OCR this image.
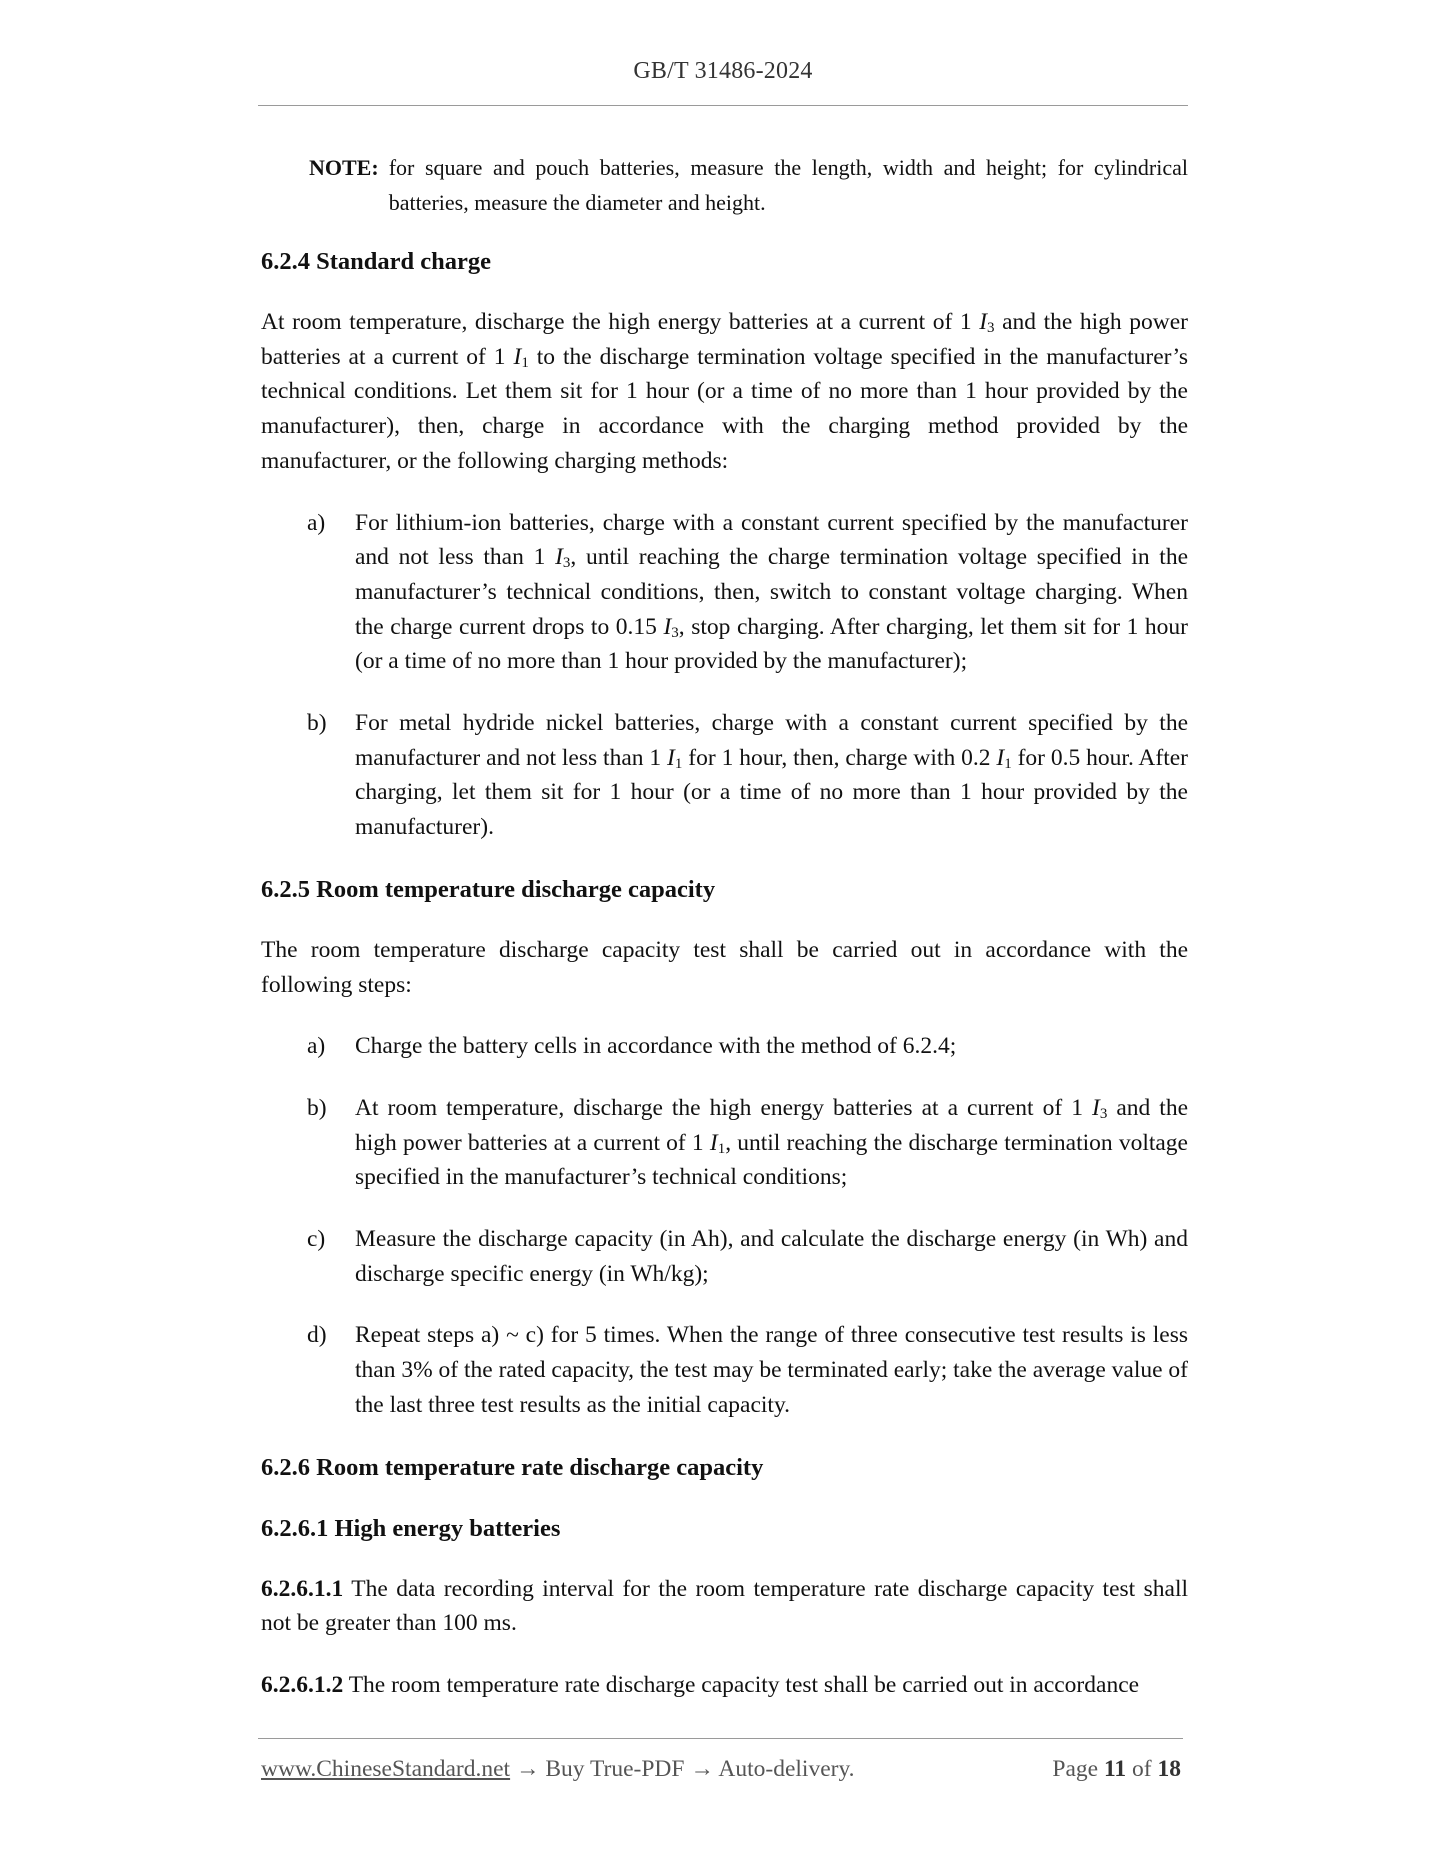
GB/T 31486-2024
NOTE: for square and pouch batteries, measure the length, width and height; for cylindrical batteries, measure the diameter and height.
6.2.4 Standard charge
At room temperature, discharge the high energy batteries at a current of 1 $I_3$ and the high power batteries at a current of 1 $I_1$ to the discharge termination voltage specified in the manufacturer’s technical conditions. Let them sit for 1 hour (or a time of no more than 1 hour provided by the manufacturer), then, charge in accordance with the charging method provided by the manufacturer, or the following charging methods:
a)	For lithium-ion batteries, charge with a constant current specified by the manufacturer and not less than 1 $I_3$, until reaching the charge termination voltage specified in the manufacturer’s technical conditions, then, switch to constant voltage charging. When the charge current drops to 0.15 $I_3$, stop charging. After charging, let them sit for 1 hour (or a time of no more than 1 hour provided by the manufacturer);
b)	For metal hydride nickel batteries, charge with a constant current specified by the manufacturer and not less than 1 $I_1$ for 1 hour, then, charge with 0.2 $I_1$ for 0.5 hour. After charging, let them sit for 1 hour (or a time of no more than 1 hour provided by the manufacturer).
6.2.5 Room temperature discharge capacity
The room temperature discharge capacity test shall be carried out in accordance with the following steps:
a)	Charge the battery cells in accordance with the method of 6.2.4;
b)	At room temperature, discharge the high energy batteries at a current of 1 $I_3$ and the high power batteries at a current of 1 $I_1$, until reaching the discharge termination voltage specified in the manufacturer’s technical conditions;
c)	Measure the discharge capacity (in Ah), and calculate the discharge energy (in Wh) and discharge specific energy (in Wh/kg);
d)	Repeat steps a) ~ c) for 5 times. When the range of three consecutive test results is less than 3% of the rated capacity, the test may be terminated early; take the average value of the last three test results as the initial capacity.
6.2.6 Room temperature rate discharge capacity
6.2.6.1 High energy batteries
6.2.6.1.1 The data recording interval for the room temperature rate discharge capacity test shall not be greater than 100 ms.
6.2.6.1.2 The room temperature rate discharge capacity test shall be carried out in accordance
www.ChineseStandard.net → Buy True-PDF → Auto-delivery.	Page 11 of 18
